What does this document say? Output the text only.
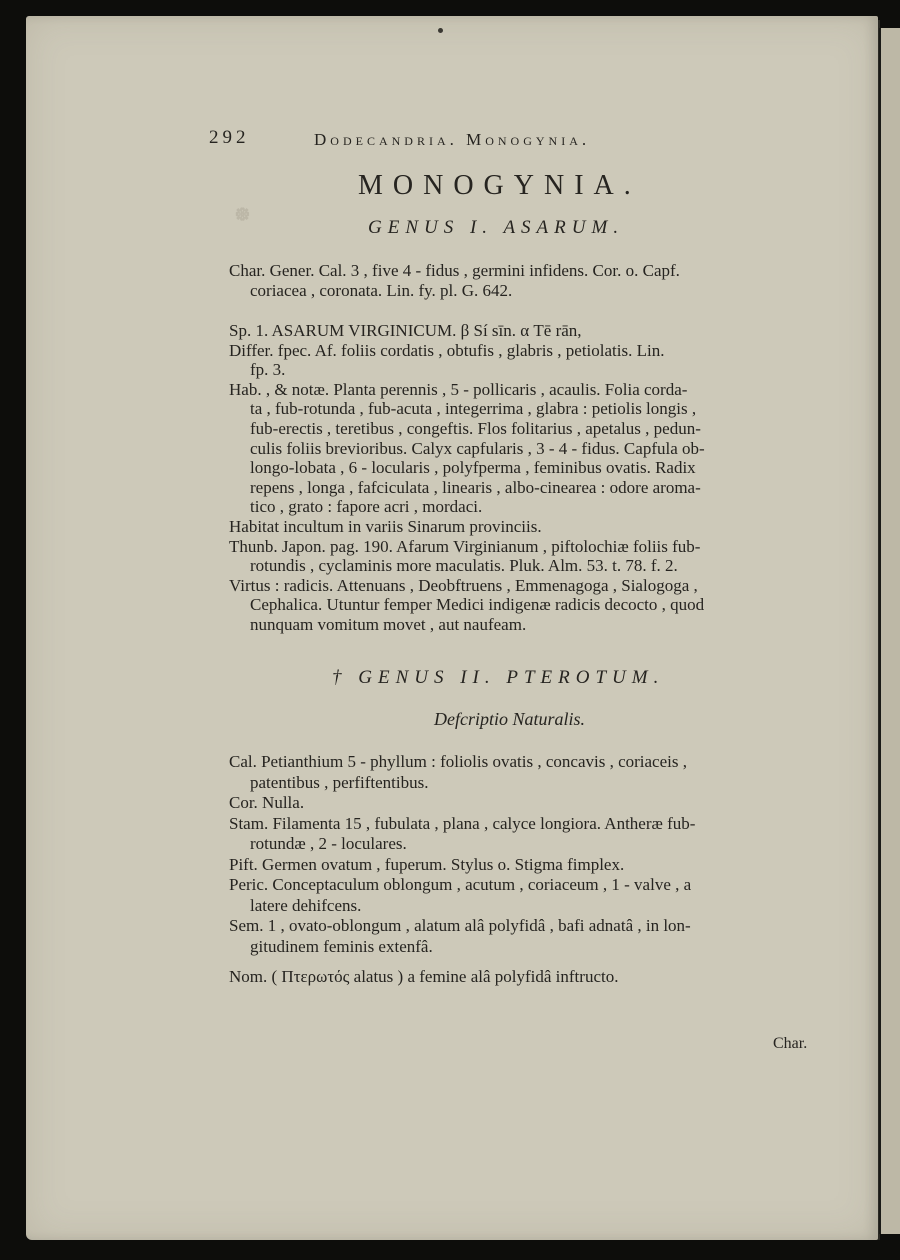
᪥
292	Dodecandria. Monogynia.
MONOGYNIA.
GENUS I. ASARUM.
Char. Gener. Cal. 3 , five 4 - fidus , germini infidens. Cor. o. Capf.
coriacea , coronata. Lin. fy. pl. G. 642.
Sp. 1. ASARUM VIRGINICUM. β Sí sīn. α Tē rān,
Differ. fpec. Af. foliis cordatis , obtufis , glabris , petiolatis. Lin.
fp. 3.
Hab. , & notæ. Planta perennis , 5 - pollicaris , acaulis. Folia corda-
ta , fub-rotunda , fub-acuta , integerrima , glabra : petiolis longis ,
fub-erectis , teretibus , congeftis. Flos folitarius , apetalus , pedun-
culis foliis brevioribus. Calyx capfularis , 3 - 4 - fidus. Capfula ob-
longo-lobata , 6 - locularis , polyfperma , feminibus ovatis. Radix
repens , longa , fafciculata , linearis , albo-cinearea : odore aroma-
tico , grato : fapore acri , mordaci.
Habitat incultum in variis Sinarum provinciis.
Thunb. Japon. pag. 190. Afarum Virginianum , piftolochiæ foliis fub-
rotundis , cyclaminis more maculatis. Pluk. Alm. 53. t. 78. f. 2.
Virtus : radicis. Attenuans , Deobftruens , Emmenagoga , Sialogoga ,
Cephalica. Utuntur femper Medici indigenæ radicis decocto , quod
nunquam vomitum movet , aut naufeam.
† GENUS II. PTEROTUM.
Defcriptio Naturalis.
Cal. Petianthium 5 - phyllum : foliolis ovatis , concavis , coriaceis ,
patentibus , perfiftentibus.
Cor. Nulla.
Stam. Filamenta 15 , fubulata , plana , calyce longiora. Antheræ fub-
rotundæ , 2 - loculares.
Pift. Germen ovatum , fuperum. Stylus o. Stigma fimplex.
Peric. Conceptaculum oblongum , acutum , coriaceum , 1 - valve , a
latere dehifcens.
Sem. 1 , ovato-oblongum , alatum alâ polyfidâ , bafi adnatâ , in lon-
gitudinem feminis extenfâ.
Nom. ( Πτερωτός alatus ) a femine alâ polyfidâ inftructo.
Char.
